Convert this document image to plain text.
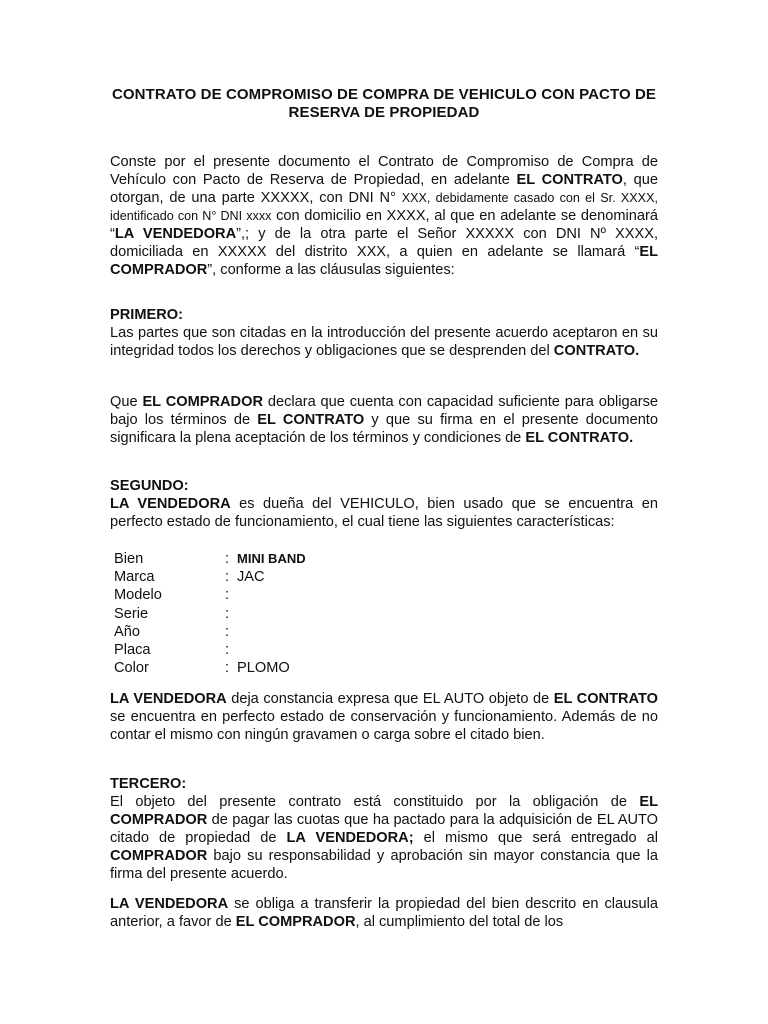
CONTRATO DE COMPROMISO DE COMPRA DE VEHICULO CON PACTO DE RESERVA DE PROPIEDAD

Conste por el presente documento el Contrato de Compromiso de Compra de Vehículo con Pacto de Reserva de Propiedad, en adelante EL CONTRATO, que otorgan, de una parte XXXXX, con DNI N° XXX, debidamente casado con el Sr. XXXX, identificado con N° DNI xxxx con domicilio en XXXX, al que en adelante se denominará “LA VENDEDORA”,; y de la otra parte el Señor XXXXX con DNI Nº XXXX, domiciliada en XXXXX del distrito XXX, a quien en adelante se llamará “EL COMPRADOR”, conforme a las cláusulas siguientes:

PRIMERO:

Las partes que son citadas en la introducción del presente acuerdo aceptaron en su integridad todos los derechos y obligaciones que se desprenden del CONTRATO.

Que EL COMPRADOR declara que cuenta con capacidad suficiente para obligarse bajo los términos de EL CONTRATO y que su firma en el presente documento significara la plena aceptación de los términos y condiciones de EL CONTRATO.

SEGUNDO:

LA VENDEDORA es dueña del VEHICULO, bien usado que se encuentra en perfecto estado de funcionamiento, el cual tiene las siguientes características:

Bien	: MINI BAND
Marca	: JAC
Modelo	:
Serie	:
Año	:
Placa	:
Color	: PLOMO

LA VENDEDORA deja constancia expresa que EL AUTO objeto de EL CONTRATO se encuentra en perfecto estado de conservación y funcionamiento. Además de no contar el mismo con ningún gravamen o carga sobre el citado bien.

TERCERO:

El objeto del presente contrato está constituido por la obligación de EL COMPRADOR de pagar las cuotas que ha pactado para la adquisición de EL AUTO citado de propiedad de LA VENDEDORA; el mismo que será entregado al COMPRADOR bajo su responsabilidad y aprobación sin mayor constancia que la firma del presente acuerdo.

LA VENDEDORA se obliga a transferir la propiedad del bien descrito en clausula anterior, a favor de EL COMPRADOR, al cumplimiento del total de los
